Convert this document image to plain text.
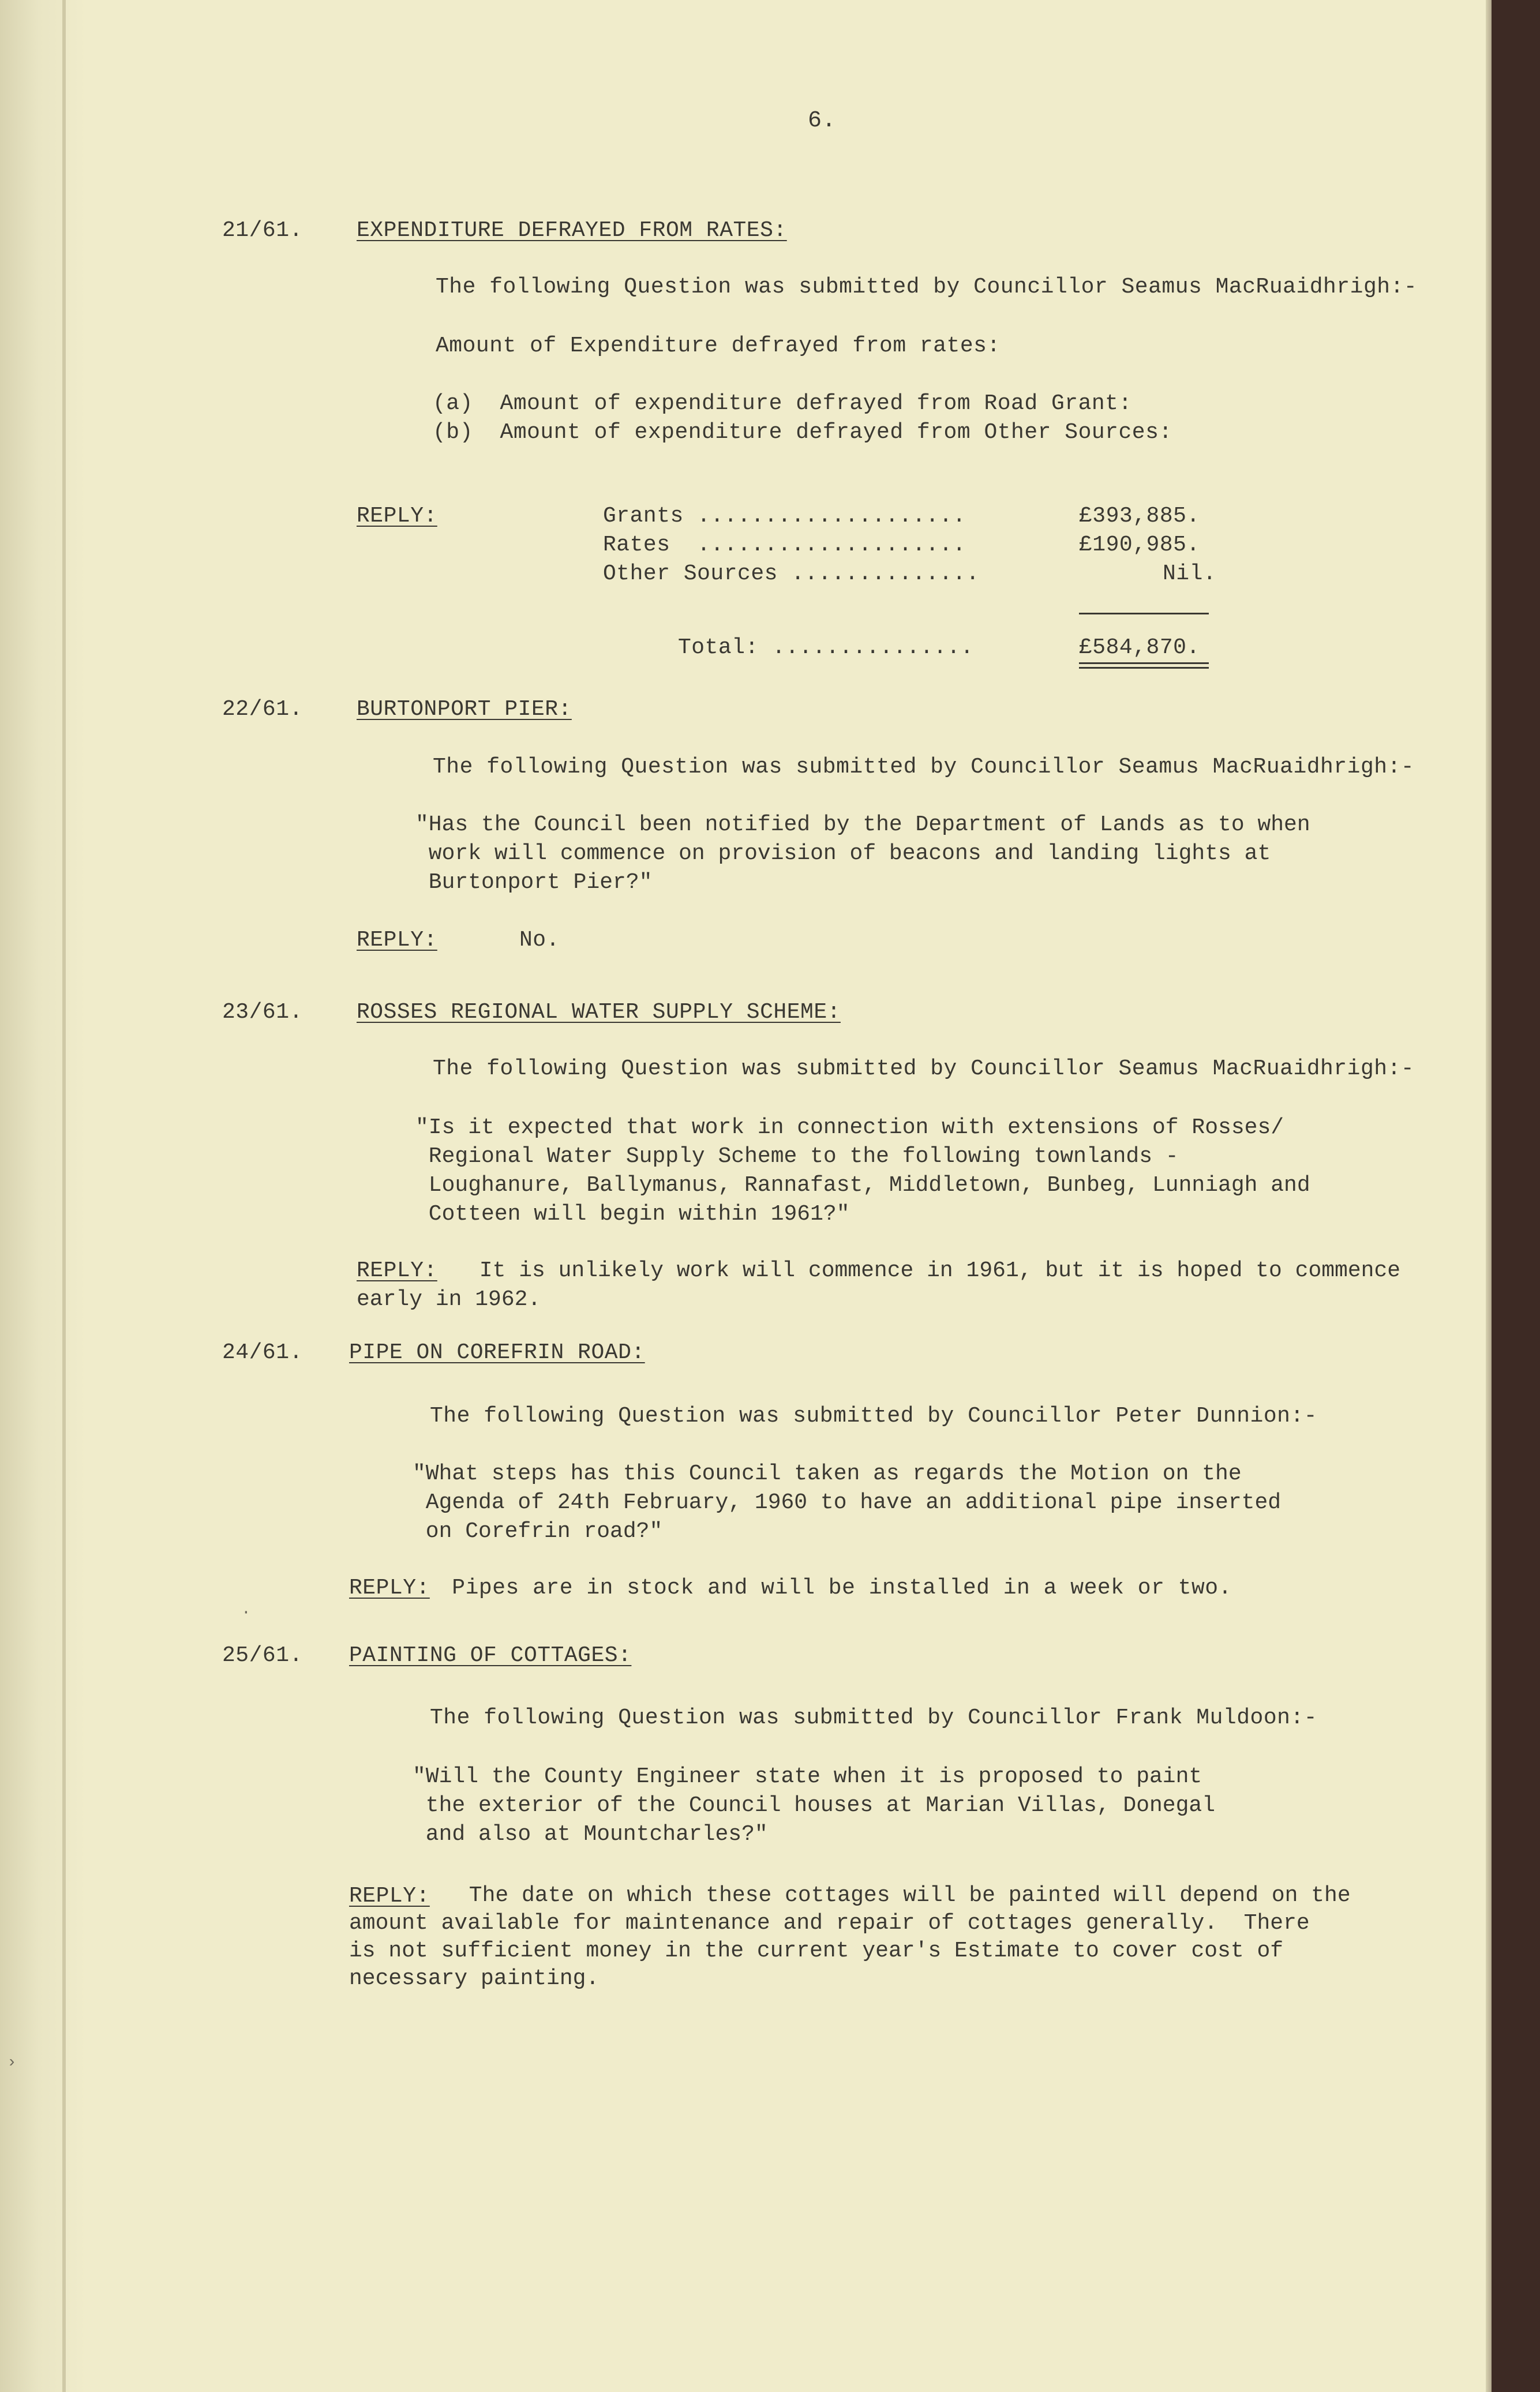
6.
21/61. EXPENDITURE DEFRAYED FROM RATES:
The following Question was submitted by Councillor Seamus MacRuaidhrigh:-
Amount of Expenditure defrayed from rates:
(a)  Amount of expenditure defrayed from Road Grant:
(b)  Amount of expenditure defrayed from Other Sources:
REPLY:	Grants ....................	£393,885.
Rates  ....................	£190,985.
Other Sources ..............	Nil.
Total: ...............	£584,870.
22/61. BURTONPORT PIER:
The following Question was submitted by Councillor Seamus MacRuaidhrigh:-
"Has the Council been notified by the Department of Lands as to when
work will commence on provision of beacons and landing lights at
Burtonport Pier?"
REPLY:	No.
23/61. ROSSES REGIONAL WATER SUPPLY SCHEME:
The following Question was submitted by Councillor Seamus MacRuaidhrigh:-
"Is it expected that work in connection with extensions of Rosses/
Regional Water Supply Scheme to the following townlands -
Loughanure, Ballymanus, Rannafast, Middletown, Bunbeg, Lunniagh and
Cotteen will begin within 1961?"
REPLY:	It is unlikely work will commence in 1961, but it is hoped to commence
early in 1962.
24/61. PIPE ON COREFRIN ROAD:
The following Question was submitted by Councillor Peter Dunnion:-
"What steps has this Council taken as regards the Motion on the
Agenda of 24th February, 1960 to have an additional pipe inserted
on Corefrin road?"
REPLY: Pipes are in stock and will be installed in a week or two.
·
25/61. PAINTING OF COTTAGES:
The following Question was submitted by Councillor Frank Muldoon:-
"Will the County Engineer state when it is proposed to paint
the exterior of the Council houses at Marian Villas, Donegal
and also at Mountcharles?"
REPLY:	The date on which these cottages will be painted will depend on the
amount available for maintenance and repair of cottages generally.  There
is not sufficient money in the current year's Estimate to cover cost of
necessary painting.
›
